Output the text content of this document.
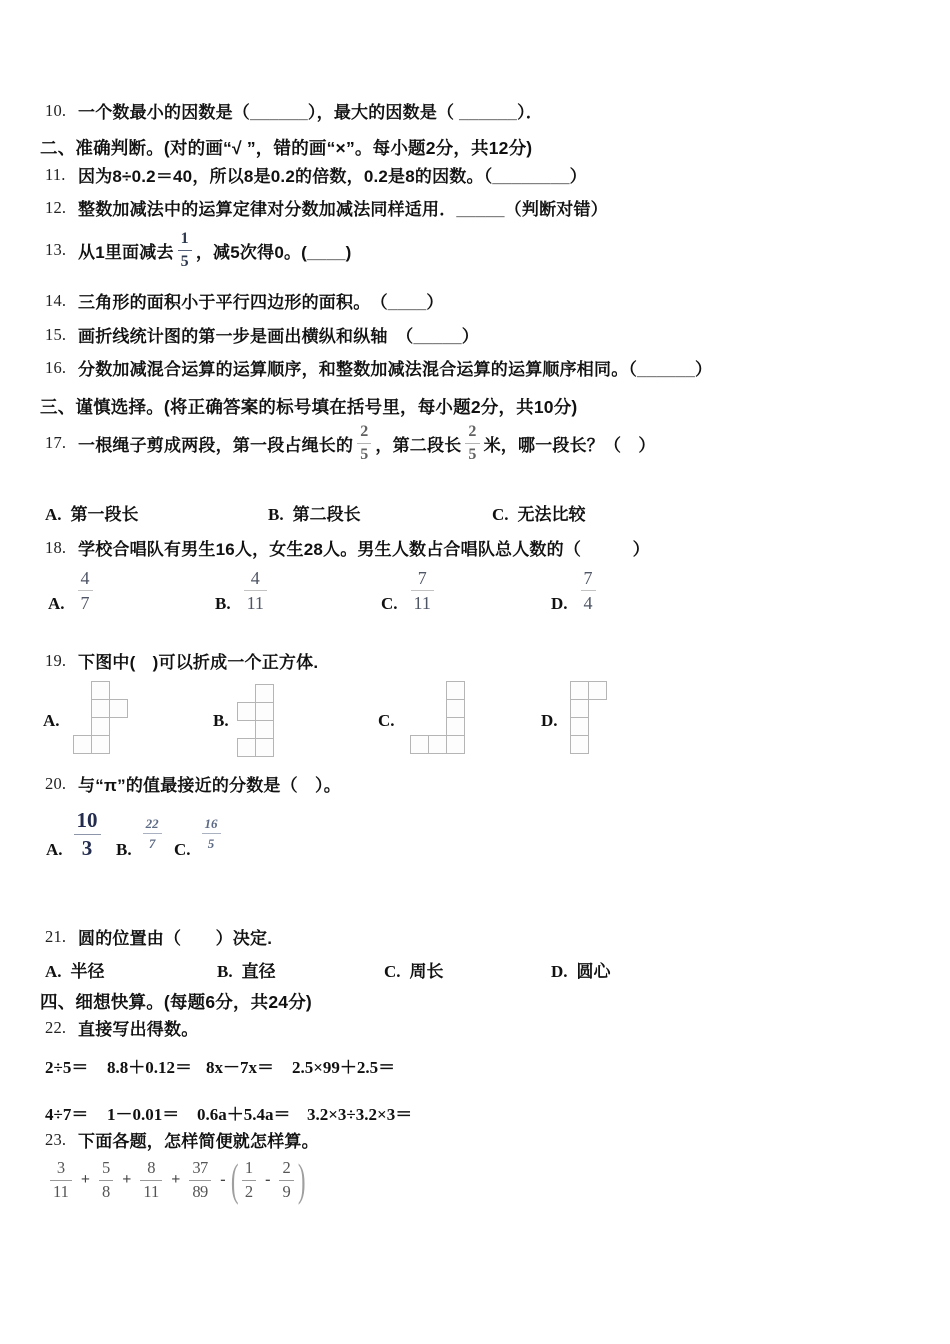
10. 一个数最小的因数是（______），最大的因数是（ ______）．
二、准确判断。(对的画“√ ”，错的画“×”。每小题2分，共12分)
11. 因为8÷0.2＝40，所以8是0.2的倍数，0.2是8的因数。（________）
12. 整数加减法中的运算定律对分数加减法同样适用．_____（判断对错）
13. 从1里面减去 $\frac{1}{5}$ ，减5次得0。(____)
14. 三角形的面积小于平行四边形的面积。　（____）
15. 画折线统计图的第一步是画出横纵和纵轴　（_____）
16. 分数加减混合运算的运算顺序，和整数加减法混合运算的运算顺序相同。（______）
三、谨慎选择。(将正确答案的标号填在括号里，每小题2分，共10分)
17. 一根绳子剪成两段，第一段占绳长的 $\frac{2}{5}$ ，第二段长 $\frac{2}{5}$ 米，哪一段长？（　）
A. 第一段长	B. 第二段长	C. 无法比较
18. 学校合唱队有男生16人，女生28人。男生人数占合唱队总人数的（　　　）
A. $\frac{4}{7}$	B. $\frac{4}{11}$	C. $\frac{7}{11}$	D. $\frac{7}{4}$
19. 下图中(　)可以折成一个正方体.
A.	B.	C.	D.
20. 与“π”的值最接近的分数是（　）。
A. $\frac{10}{3} B$. $\frac{22}{7} C$. $\frac{16}{5}$
21. 圆的位置由（　　）决定.
A. 半径	B. 直径	C. 周长	D. 圆心
四、细想快算。(每题6分，共24分)
22. 直接写出得数。
2÷5＝ 8.8＋0.12＝ 8x－7x＝ 2.5×99＋2.5＝
4÷7＝ 1－0.01＝ 0.6a＋5.4a＝ 3.2×3÷3.2×3＝
23. 下面各题，怎样简便就怎样算。
$\frac{3}{11} + \frac{5}{8} + \frac{8}{11} + \frac{3}{8}$
$\frac{7}{9}$ - ( $\frac{1}{2} - \frac{2}{9}$ )
